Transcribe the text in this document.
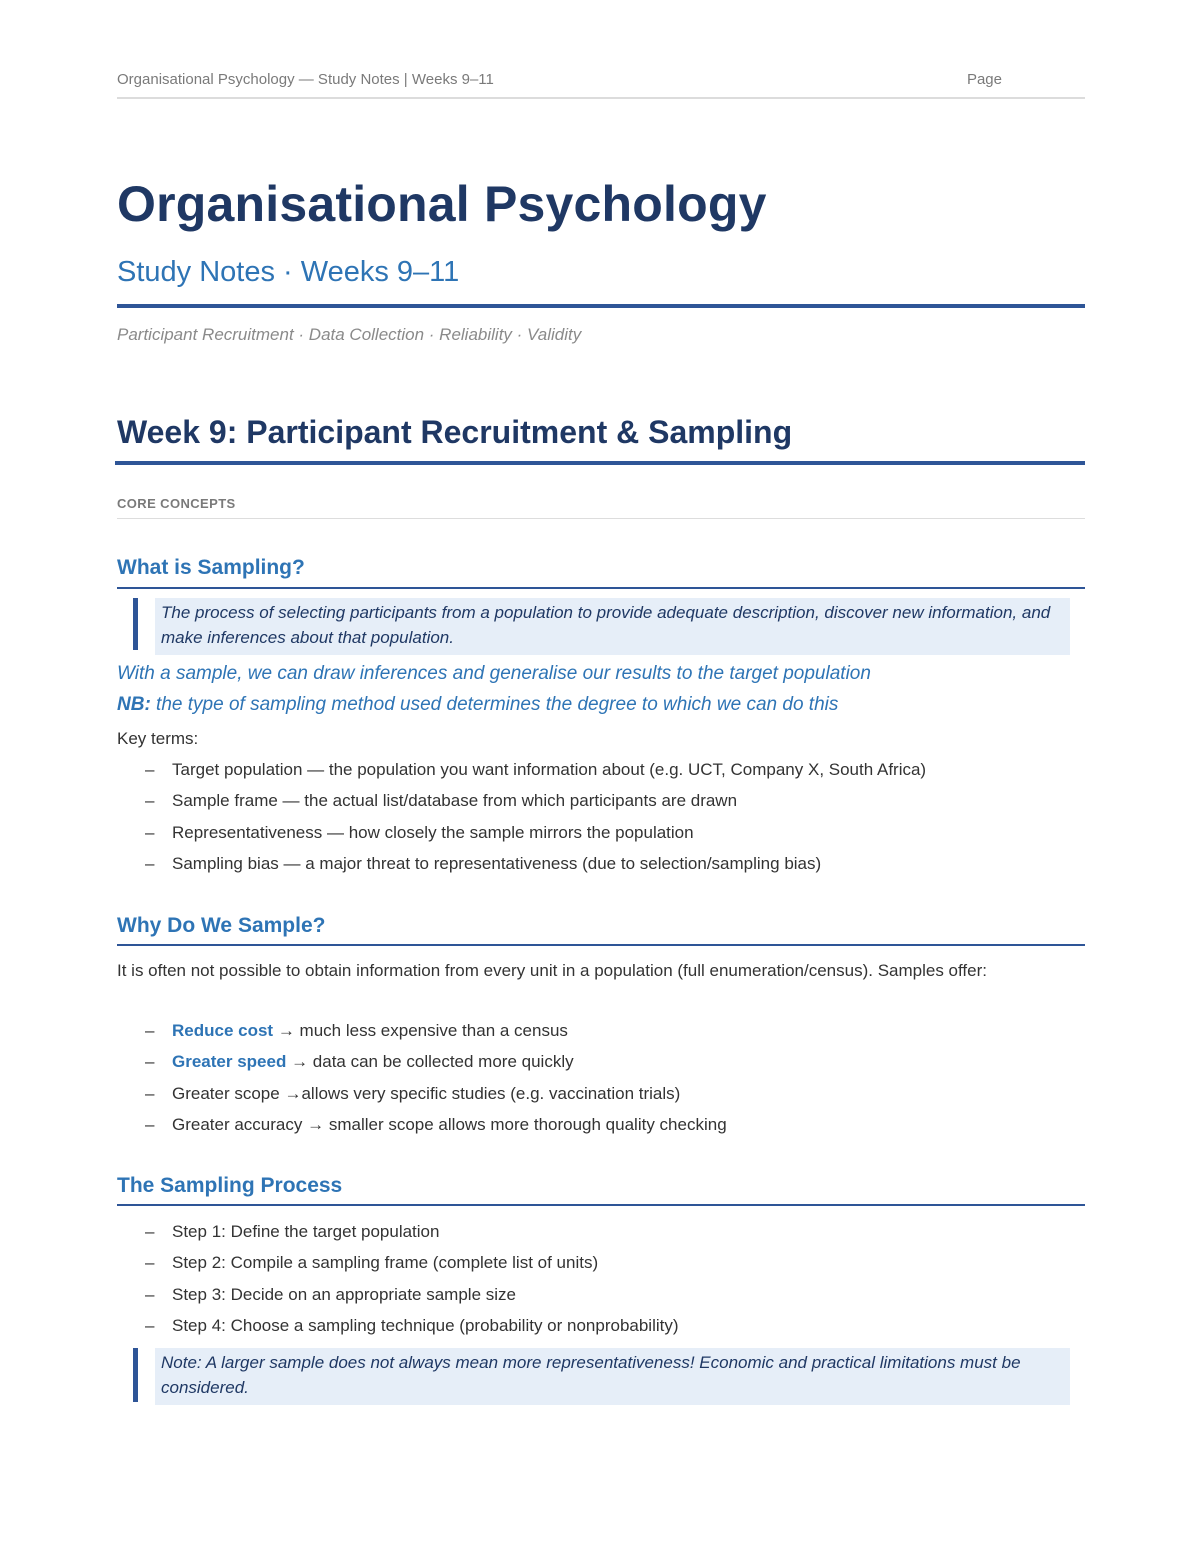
Organisational Psychology — Study Notes | Weeks 9–11	Page
Organisational Psychology
Study Notes · Weeks 9–11
Participant Recruitment · Data Collection · Reliability · Validity
Week 9: Participant Recruitment & Sampling
CORE CONCEPTS
What is Sampling?
The process of selecting participants from a population to provide adequate description, discover new information, and make inferences about that population.
With a sample, we can draw inferences and generalise our results to the target population
NB: the type of sampling method used determines the degree to which we can do this
Key terms:
– Target population — the population you want information about (e.g. UCT, Company X, South Africa)
– Sample frame — the actual list/database from which participants are drawn
– Representativeness — how closely the sample mirrors the population
– Sampling bias — a major threat to representativeness (due to selection/sampling bias)
Why Do We Sample?
It is often not possible to obtain information from every unit in a population (full enumeration/census). Samples offer:
– Reduce cost → much less expensive than a census
– Greater speed → data can be collected more quickly
– Greater scope →allows very specific studies (e.g. vaccination trials)
– Greater accuracy → smaller scope allows more thorough quality checking
The Sampling Process
– Step 1: Define the target population
– Step 2: Compile a sampling frame (complete list of units)
– Step 3: Decide on an appropriate sample size
– Step 4: Choose a sampling technique (probability or nonprobability)
Note: A larger sample does not always mean more representativeness! Economic and practical limitations must be considered.
